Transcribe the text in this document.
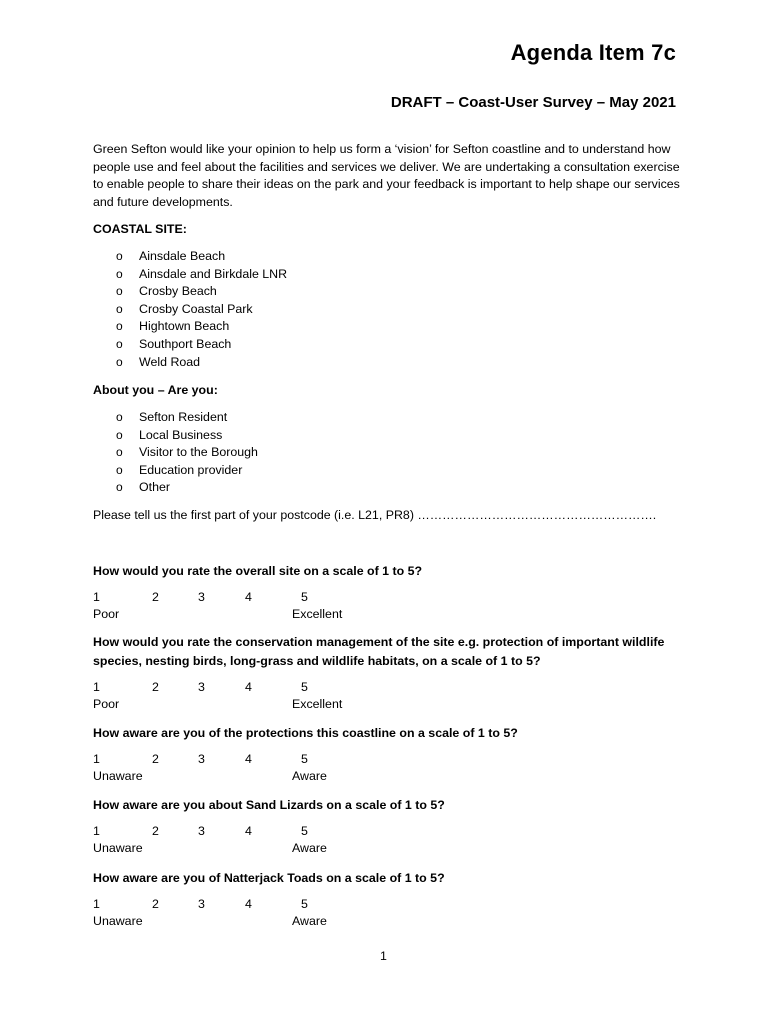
Agenda Item 7c
DRAFT – Coast-User Survey – May 2021
Green Sefton would like your opinion to help us form a ‘vision’ for Sefton coastline and to understand how people use and feel about the facilities and services we deliver. We are undertaking a consultation exercise to enable people to share their ideas on the park and your feedback is important to help shape our services and future developments.
COASTAL SITE:
o Ainsdale Beach
o Ainsdale and Birkdale LNR
o Crosby Beach
o Crosby Coastal Park
o Hightown Beach
o Southport Beach
o Weld Road
About you – Are you:
o Sefton Resident
o Local Business
o Visitor to the Borough
o Education provider
o Other
Please tell us the first part of your postcode (i.e. L21, PR8) ………………………………………………….
How would you rate the overall site on a scale of 1 to 5?
1	2	3	4	5
Poor	Excellent
How would you rate the conservation management of the site e.g. protection of important wildlife species, nesting birds, long-grass and wildlife habitats, on a scale of 1 to 5?
1	2	3	4	5
Poor	Excellent
How aware are you of the protections this coastline on a scale of 1 to 5?
1	2	3	4	5
Unaware	Aware
How aware are you about Sand Lizards on a scale of 1 to 5?
1	2	3	4	5
Unaware	Aware
How aware are you of Natterjack Toads on a scale of 1 to 5?
1	2	3	4	5
Unaware	Aware
1
